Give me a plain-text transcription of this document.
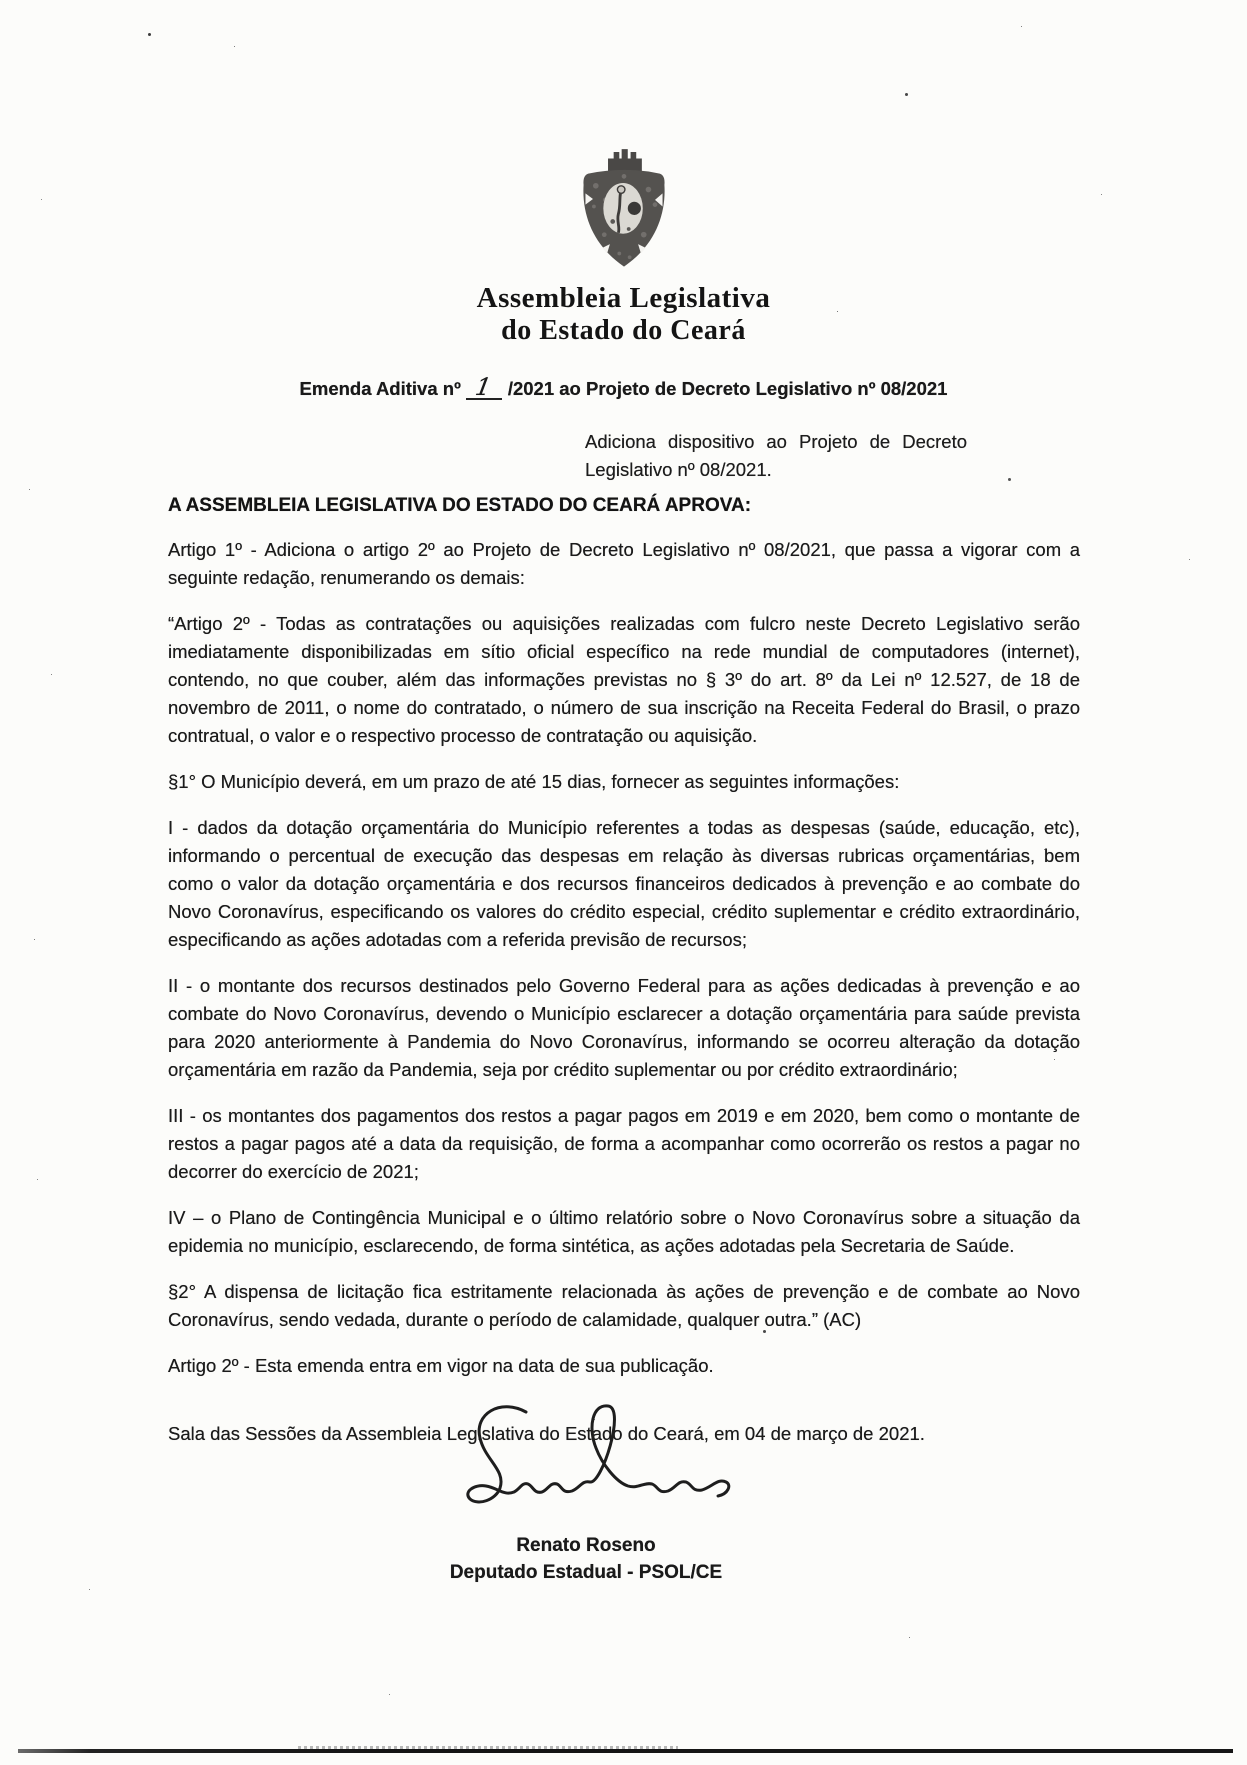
Assembleia Legislativa
do Estado do Ceará
Emenda Aditiva nº 1 /2021 ao Projeto de Decreto Legislativo nº 08/2021
Adiciona dispositivo ao Projeto de Decreto Legislativo nº 08/2021.
A ASSEMBLEIA LEGISLATIVA DO ESTADO DO CEARÁ APROVA:

Artigo 1º - Adiciona o artigo 2º ao Projeto de Decreto Legislativo nº 08/2021, que passa a vigorar com a seguinte redação, renumerando os demais:

“Artigo 2º - Todas as contratações ou aquisições realizadas com fulcro neste Decreto Legislativo serão imediatamente disponibilizadas em sítio oficial específico na rede mundial de computadores (internet), contendo, no que couber, além das informações previstas no § 3º do art. 8º da Lei nº 12.527, de 18 de novembro de 2011, o nome do contratado, o número de sua inscrição na Receita Federal do Brasil, o prazo contratual, o valor e o respectivo processo de contratação ou aquisição.

§1° O Município deverá, em um prazo de até 15 dias, fornecer as seguintes informações:

I - dados da dotação orçamentária do Município referentes a todas as despesas (saúde, educação, etc), informando o percentual de execução das despesas em relação às diversas rubricas orçamentárias, bem como o valor da dotação orçamentária e dos recursos financeiros dedicados à prevenção e ao combate do Novo Coronavírus, especificando os valores do crédito especial, crédito suplementar e crédito extraordinário, especificando as ações adotadas com a referida previsão de recursos;

II - o montante dos recursos destinados pelo Governo Federal para as ações dedicadas à prevenção e ao combate do Novo Coronavírus, devendo o Município esclarecer a dotação orçamentária para saúde prevista para 2020 anteriormente à Pandemia do Novo Coronavírus, informando se ocorreu alteração da dotação orçamentária em razão da Pandemia, seja por crédito suplementar ou por crédito extraordinário;

III - os montantes dos pagamentos dos restos a pagar pagos em 2019 e em 2020, bem como o montante de restos a pagar pagos até a data da requisição, de forma a acompanhar como ocorrerão os restos a pagar no decorrer do exercício de 2021;

IV – o Plano de Contingência Municipal e o último relatório sobre o Novo Coronavírus sobre a situação da epidemia no município, esclarecendo, de forma sintética, as ações adotadas pela Secretaria de Saúde.

§2° A dispensa de licitação fica estritamente relacionada às ações de prevenção e de combate ao Novo Coronavírus, sendo vedada, durante o período de calamidade, qualquer outra.” (AC)

Artigo 2º - Esta emenda entra em vigor na data de sua publicação.

Sala das Sessões da Assembleia Legislativa do Estado do Ceará, em 04 de março de 2021.

Renato Roseno
Deputado Estadual - PSOL/CE
